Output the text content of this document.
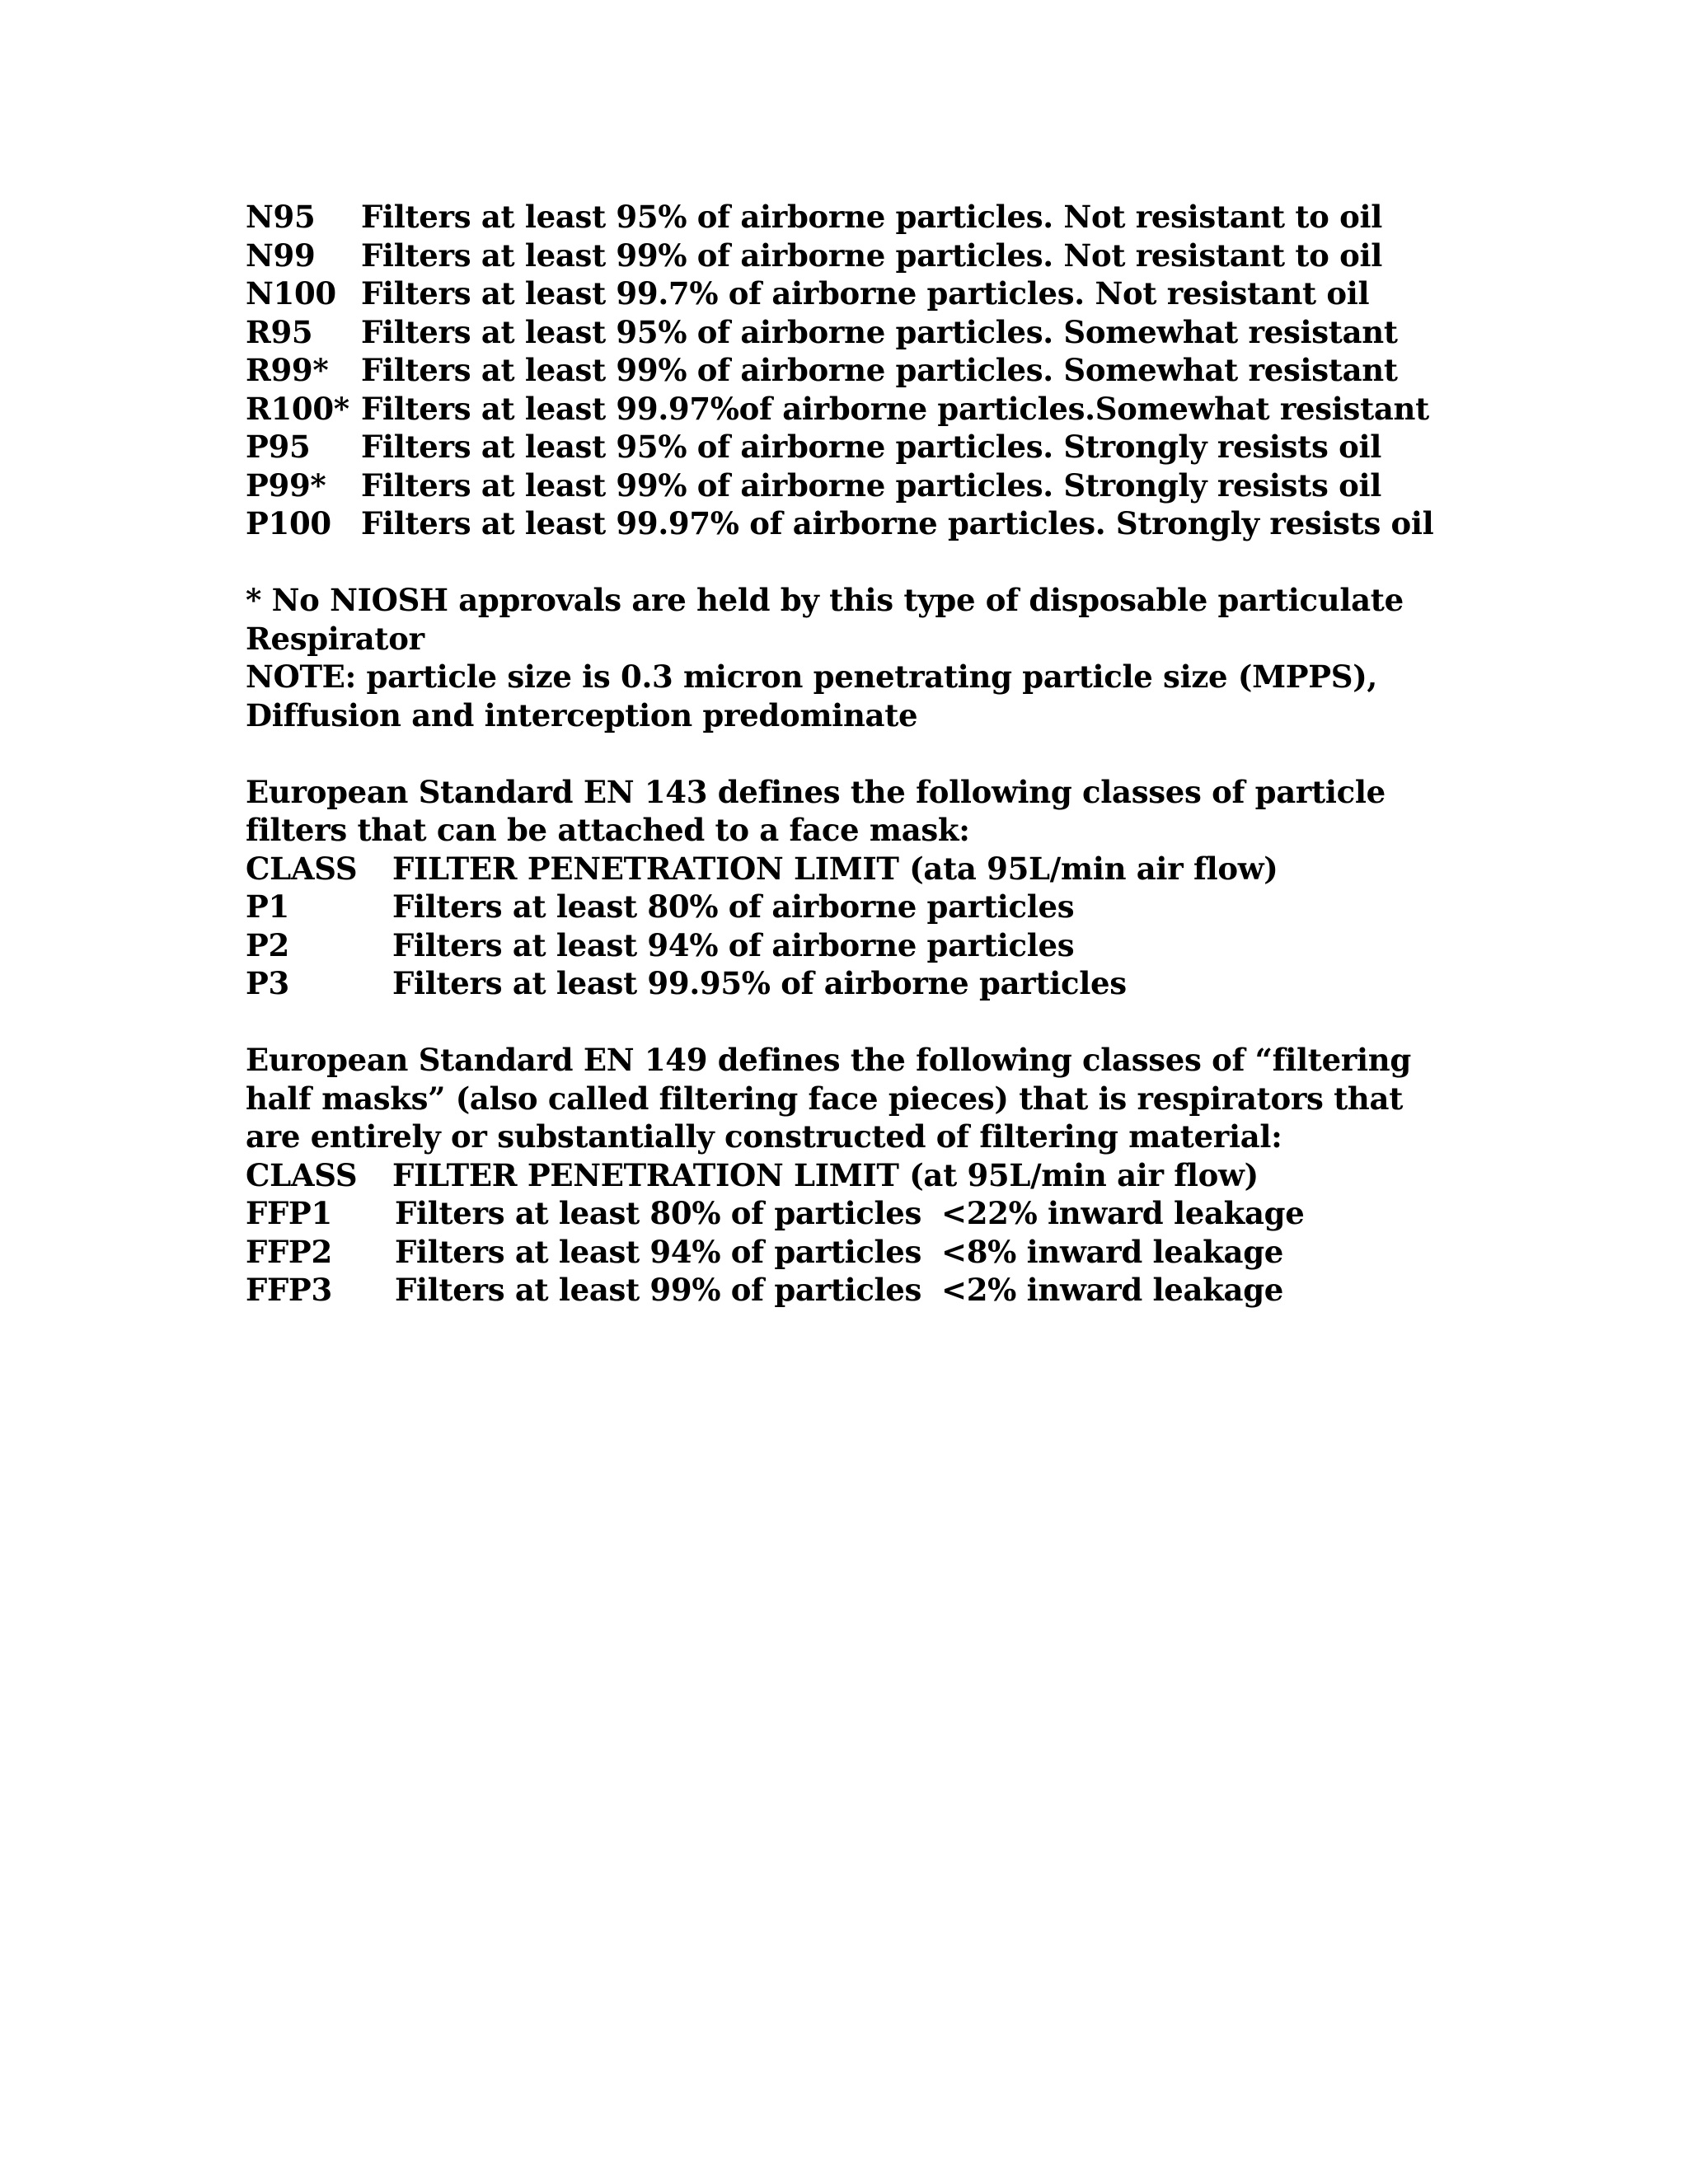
N95 Filters at least 95% of airborne particles. Not resistant to oil
N99 Filters at least 99% of airborne particles. Not resistant to oil
N100 Filters at least 99.7% of airborne particles. Not resistant oil
R95 Filters at least 95% of airborne particles. Somewhat resistant
R99* Filters at least 99% of airborne particles. Somewhat resistant
R100* Filters at least 99.97%of airborne particles.Somewhat resistant
P95 Filters at least 95% of airborne particles. Strongly resists oil
P99* Filters at least 99% of airborne particles. Strongly resists oil
P100 Filters at least 99.97% of airborne particles. Strongly resists oil
* No NIOSH approvals are held by this type of disposable particulate
Respirator
NOTE: particle size is 0.3 micron penetrating particle size (MPPS),
Diffusion and interception predominate
European Standard EN 143 defines the following classes of particle
filters that can be attached to a face mask:
CLASS FILTER PENETRATION LIMIT (ata 95L/min air flow)
P1	Filters at least 80% of airborne particles
P2	Filters at least 94% of airborne particles
P3	Filters at least 99.95% of airborne particles
European Standard EN 149 defines the following classes of “filtering
half masks” (also called filtering face pieces) that is respirators that
are entirely or substantially constructed of filtering material:
CLASS FILTER PENETRATION LIMIT (at 95L/min air flow)
FFP1 Filters at least 80% of particles <22% inward leakage
FFP2 Filters at least 94% of particles <8% inward leakage
FFP3 Filters at least 99% of particles <2% inward leakage
